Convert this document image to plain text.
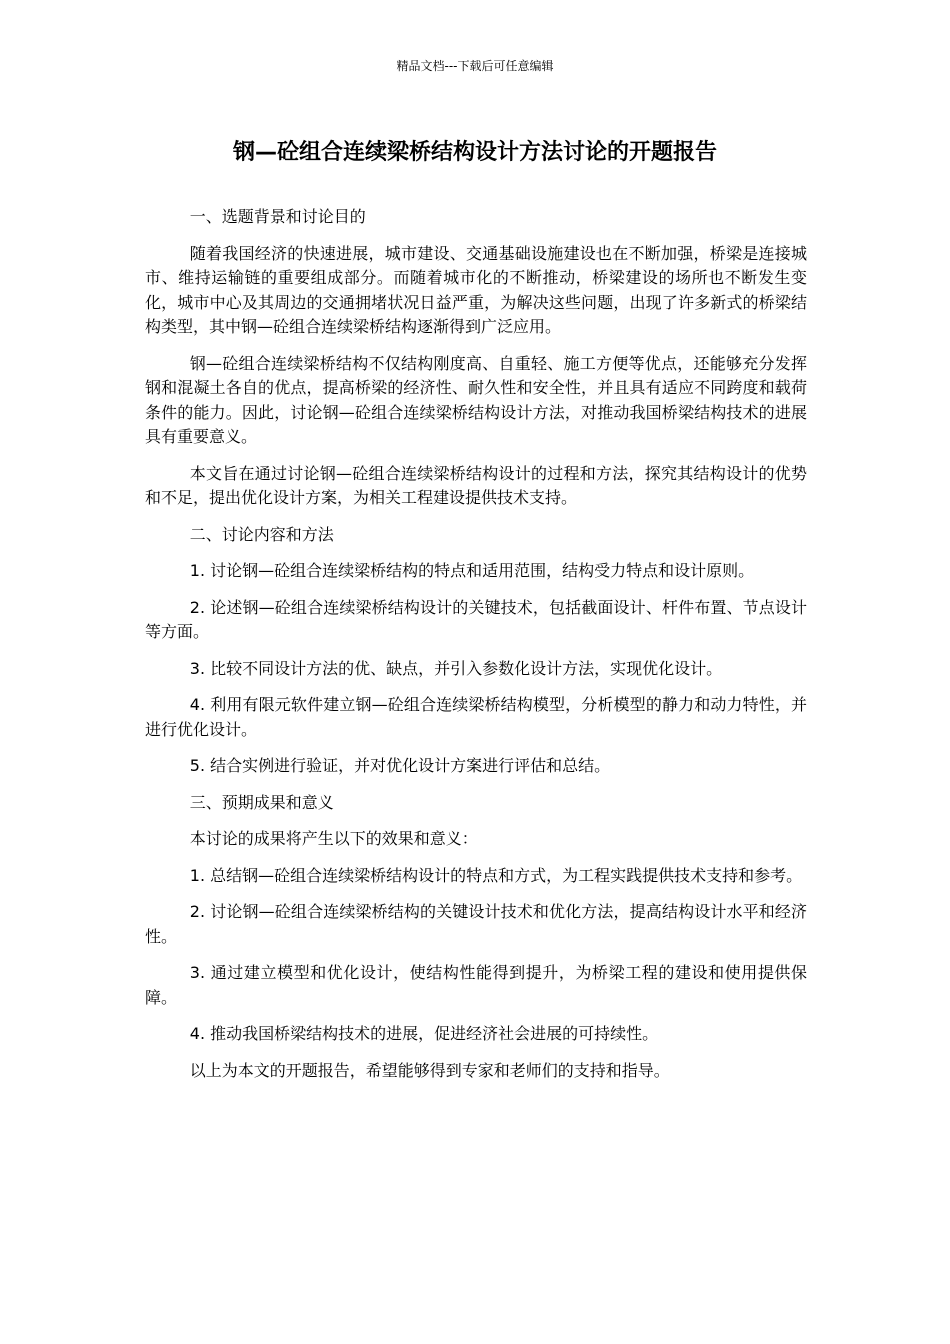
精品文档---下载后可任意编辑
钢—砼组合连续梁桥结构设计方法讨论的开题报告

一、选题背景和讨论目的

随着我国经济的快速进展，城市建设、交通基础设施建设也在不断加强，桥梁是连接城市、维持运输链的重要组成部分。而随着城市化的不断推动，桥梁建设的场所也不断发生变化，城市中心及其周边的交通拥堵状况日益严重，为解决这些问题，出现了许多新式的桥梁结构类型，其中钢—砼组合连续梁桥结构逐渐得到广泛应用。

钢—砼组合连续梁桥结构不仅结构刚度高、自重轻、施工方便等优点，还能够充分发挥钢和混凝土各自的优点，提高桥梁的经济性、耐久性和安全性，并且具有适应不同跨度和载荷条件的能力。因此，讨论钢—砼组合连续梁桥结构设计方法，对推动我国桥梁结构技术的进展具有重要意义。

本文旨在通过讨论钢—砼组合连续梁桥结构设计的过程和方法，探究其结构设计的优势和不足，提出优化设计方案，为相关工程建设提供技术支持。

二、讨论内容和方法

1. 讨论钢—砼组合连续梁桥结构的特点和适用范围，结构受力特点和设计原则。

2. 论述钢—砼组合连续梁桥结构设计的关键技术，包括截面设计、杆件布置、节点设计等方面。

3. 比较不同设计方法的优、缺点，并引入参数化设计方法，实现优化设计。

4. 利用有限元软件建立钢—砼组合连续梁桥结构模型，分析模型的静力和动力特性，并进行优化设计。

5. 结合实例进行验证，并对优化设计方案进行评估和总结。

三、预期成果和意义

本讨论的成果将产生以下的效果和意义：

1. 总结钢—砼组合连续梁桥结构设计的特点和方式，为工程实践提供技术支持和参考。

2. 讨论钢—砼组合连续梁桥结构的关键设计技术和优化方法，提高结构设计水平和经济性。

3. 通过建立模型和优化设计，使结构性能得到提升，为桥梁工程的建设和使用提供保障。

4. 推动我国桥梁结构技术的进展，促进经济社会进展的可持续性。

以上为本文的开题报告，希望能够得到专家和老师们的支持和指导。
